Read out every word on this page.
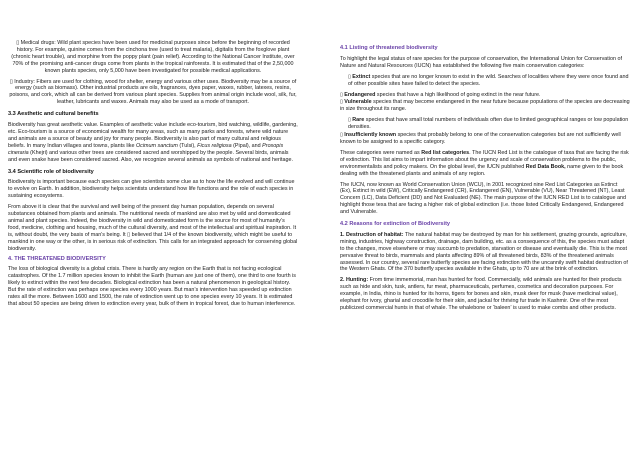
▯ Medical drugs: Wild plant species have been used for medicinal purposes since before the beginning of recorded history. For example, quinine comes from the cinchona tree (used to treat malaria), digitalis from the foxglove plant (chronic heart trouble), and morphine from the poppy plant (pain relief). According to the National Cancer Institute, over 70% of the promising anti-cancer drugs come from plants in the tropical rainforests. It is estimated that of the 2,50,000 known plants species, only 5,000 have been investigated for possible medical applications.

▯ Industry: Fibers are used for clothing, wood for shelter, energy and various other uses. Biodiversity may be a source of energy (such as biomass). Other industrial products are oils, fragrances, dyes paper, waxes, rubber, latexes, resins, poisons, and cork, which all can be derived from various plant species. Supplies from animal origin include wool, silk, fur, leather, lubricants and waxes. Animals may also be used as a mode of transport.

3.3 Aesthetic and cultural benefits

Biodiversity has great aesthetic value. Examples of aesthetic value include eco-tourism, bird watching, wildlife, gardening, etc. Eco-tourism is a source of economical wealth for many areas, such as many parks and forests, where wild nature and animals are a source of beauty and joy for many people. Biodiversity is also part of many cultural and religious beliefs. In many Indian villages and towns, plants like Ocimum sanctum (Tulsi), Ficus religiosa (Pipal), and Prosopis cineraria (Khejri) and various other trees are considered sacred and worshipped by the people. Several birds, animals and even snake have been considered sacred. Also, we recognize several animals as symbols of national and heritage.

3.4 Scientific role of biodiversity

Biodiversity is important because each species can give scientists some clue as to how the life evolved and will continue to evolve on Earth. In addition, biodiversity helps scientists understand how life functions and the role of each species in sustaining ecosystems.

From above it is clear that the survival and well being of the present day human population, depends on several substances obtained from plants and animals. The nutritional needs of mankind are also met by wild and domesticated animal and plant species. Indeed, the biodiversity in wild and domesticated form is the source for most of humanity’s food, medicine, clothing and housing, much of the cultural diversity, and most of the intellectual and spiritual inspiration. It is, without doubt, the very basis of man’s being. It ▯ believed that 1/4 of the known biodiversity, which might be useful to mankind in one way or the other, is in serious risk of extinction. This calls for an integrated approach for conserving global biodiversity.

4. THE THREATENED BIODIVERSITY

The loss of biological diversity is a global crisis. There is hardly any region on the Earth that is not facing ecological catastrophes. Of the 1.7 million species known to inhibit the Earth (human are just one of them), one third to one fourth is likely to extinct within the next few decades. Biological extinction has been a natural phenomenon in geological history. But the rate of extinction was perhaps one species every 1000 years. But man’s intervention has speeded up extinction rates all the more. Between 1600 and 1500, the rate of extinction went up to one species every 10 years. It is estimated that about 50 species are being driven to extinction every year, bulk of them in tropical forest, due to human interference.

4.1 Listing of threatened biodiversity

To highlight the legal status of rare species for the purpose of conservation, the International Union for Conservation of Nature and Natural Resources (IUCN) has established the following five main conservation categories:

▯ Extinct species that are no longer known to exist in the wild. Searches of localities where they were once found and of other possible sites have failed to detect the species.

▯ Endangered species that have a high likelihood of going extinct in the near future.

▯ Vulnerable species that may become endangered in the near future because populations of the species are decreasing in size throughout its range.

▯ Rare species that have small total numbers of individuals often due to limited geographical ranges or low population densities.

▯ Insufficiently known species that probably belong to one of the conservation categories but are not sufficiently well known to be assigned to a specific category.

These categories were named as Red list categories. The IUCN Red List is the catalogue of taxa that are facing the risk of extinction. This list aims to impart information about the urgency and scale of conservation problems to the public, environmentalists and policy makers. On the global level, the IUCN published Red Data Book, name given to the book dealing with the threatened plants and animals of any region.

The IUCN, now known as World Conservation Union (WCU), in 2001 recognized nine Red List Categories as Extinct (Ex), Extinct in wild (EW), Critically Endangered (CR), Endangered (EN), Vulnerable (VU), Near Threatened (NT), Least Concern (LC), Data Deficient (DD) and Not Evaluated (NE). The main purpose of the IUCN RED List is to catalogue and highlight those texa that are facing a higher risk of global extinction (i.e. those listed Critically Endangered, Endangered and Vulnerable.

4.2 Reasons for extinction of Biodiversity

1. Destruction of habitat: The natural habitat may be destroyed by man for his settlement, grazing grounds, agriculture, mining, industries, highway construction, drainage, dam building, etc. as a consequence of this, the species must adapt to the changes, move elsewhere or may succumb to predation, starvation or disease and eventually die. This is the most pervasive threat to birds, mammals and plants affecting 89% of all threatened birds, 83% of the threatened animals assessed. In our country, several rare butterfly species are facing extinction with the uncannily swift habitat destruction of the Western Ghats. Of the 370 butterfly species available in the Ghats, up to 70 are at the brink of extinction.

2. Hunting: From time immemorial, man has hunted for food. Commercially, wild animals are hunted for their products such as hide and skin, tusk, antlers, fur meat, pharmaceuticals, perfumes, cosmetics and decoration purposes. For example, in India, rhino is hunted for its horns, tigers for bones and skin, musk deer for musk (have medicinal value), elephant for ivory, gharial and crocodile for their skin, and jackal for thriving fur trade in Kashmir. One of the most publicized commercial hunts in that of whale. The whalebone or ‘baleen’ is used to make combs and other products.
